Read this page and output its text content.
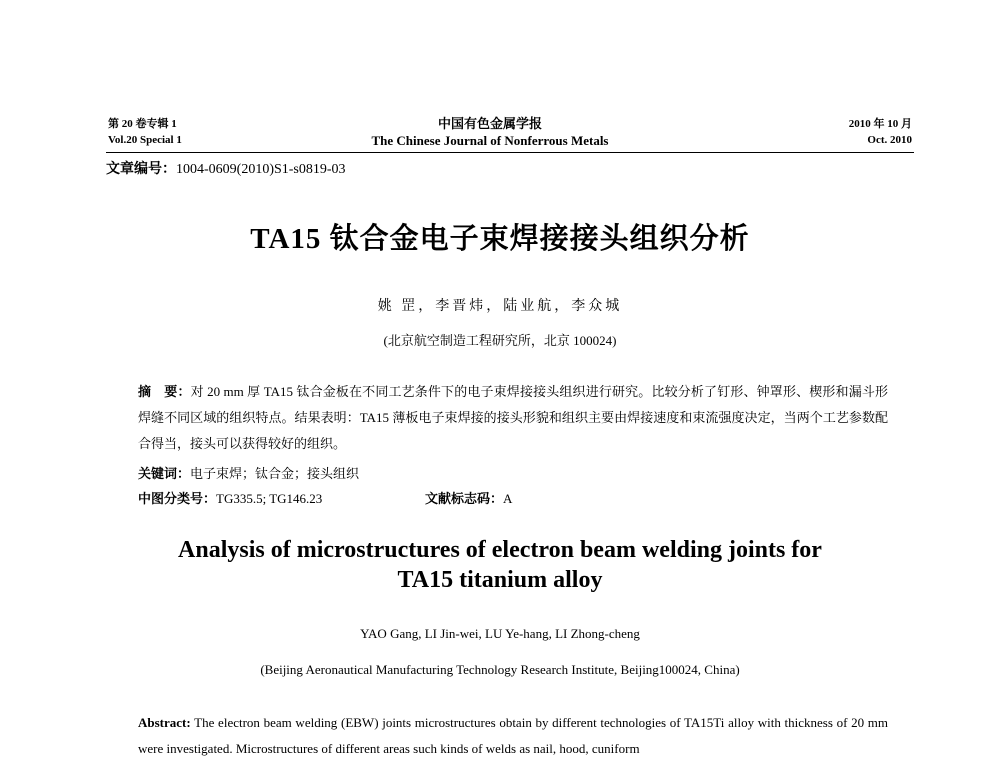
第 20 卷专辑 1
Vol.20 Special 1
中国有色金属学报
The Chinese Journal of Nonferrous Metals
2010 年 10 月
Oct. 2010
文章编号：1004-0609(2010)S1-s0819-03
TA15 钛合金电子束焊接接头组织分析
姚 罡，李晋炜，陆业航，李众城
(北京航空制造工程研究所，北京 100024)
摘　要：对 20 mm 厚 TA15 钛合金板在不同工艺条件下的电子束焊接接头组织进行研究。比较分析了钉形、钟罩形、楔形和漏斗形焊缝不同区域的组织特点。结果表明：TA15 薄板电子束焊接的接头形貌和组织主要由焊接速度和束流强度决定，当两个工艺参数配合得当，接头可以获得较好的组织。
关键词：电子束焊；钛合金；接头组织
中图分类号：TG335.5; TG146.23	文献标志码：A
Analysis of microstructures of electron beam welding joints for
TA15 titanium alloy
YAO Gang, LI Jin-wei, LU Ye-hang, LI Zhong-cheng
(Beijing Aeronautical Manufacturing Technology Research Institute, Beijing100024, China)
Abstract: The electron beam welding (EBW) joints microstructures obtain by different technologies of TA15Ti alloy with thickness of 20 mm were investigated. Microstructures of different areas such kinds of welds as nail, hood, cuniform
